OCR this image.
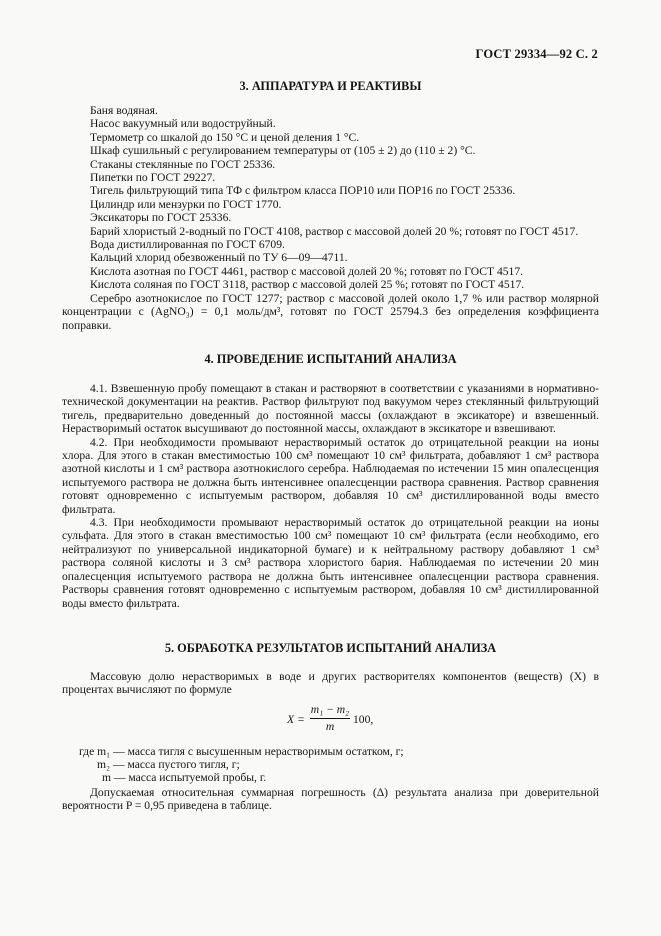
ГОСТ 29334—92 С. 2
3. АППАРАТУРА И РЕАКТИВЫ

Баня водяная.

Насос вакуумный или водоструйный.

Термометр со шкалой до 150 °С и ценой деления 1 °С.

Шкаф сушильный с регулированием температуры от (105 ± 2) до (110 ± 2) °С.

Стаканы стеклянные по ГОСТ 25336.

Пипетки по ГОСТ 29227.

Тигель фильтрующий типа ТФ с фильтром класса ПОР10 или ПОР16 по ГОСТ 25336.

Цилиндр или мензурки по ГОСТ 1770.

Эксикаторы по ГОСТ 25336.

Барий хлористый 2-водный по ГОСТ 4108, раствор с массовой долей 20 %; готовят по ГОСТ 4517.

Вода дистиллированная по ГОСТ 6709.

Кальций хлорид обезвоженный по ТУ 6—09—4711.

Кислота азотная по ГОСТ 4461, раствор с массовой долей 20 %; готовят по ГОСТ 4517.

Кислота соляная по ГОСТ 3118, раствор с массовой долей 25 %; готовят по ГОСТ 4517.

Серебро азотнокислое по ГОСТ 1277; раствор с массовой долей около 1,7 % или раствор молярной концентрации c (AgNO₃) = 0,1 моль/дм³, готовят по ГОСТ 25794.3 без определения коэффициента поправки.

4. ПРОВЕДЕНИЕ ИСПЫТАНИЙ АНАЛИЗА

4.1. Взвешенную пробу помещают в стакан и растворяют в соответствии с указаниями в нормативно-технической документации на реактив. Раствор фильтруют под вакуумом через стеклянный фильтрующий тигель, предварительно доведенный до постоянной массы (охлаждают в эксикаторе) и взвешенный. Нерастворимый остаток высушивают до постоянной массы, охлаждают в эксикаторе и взвешивают.

4.2. При необходимости промывают нерастворимый остаток до отрицательной реакции на ионы хлора. Для этого в стакан вместимостью 100 см³ помещают 10 см³ фильтрата, добавляют 1 см³ раствора азотной кислоты и 1 см³ раствора азотнокислого серебра. Наблюдаемая по истечении 15 мин опалесценция испытуемого раствора не должна быть интенсивнее опалесценции раствора сравнения. Раствор сравнения готовят одновременно с испытуемым раствором, добавляя 10 см³ дистиллированной воды вместо фильтрата.

4.3. При необходимости промывают нерастворимый остаток до отрицательной реакции на ионы сульфата. Для этого в стакан вместимостью 100 см³ помещают 10 см³ фильтрата (если необходимо, его нейтрализуют по универсальной индикаторной бумаге) и к нейтральному раствору добавляют 1 см³ раствора соляной кислоты и 3 см³ раствора хлористого бария. Наблюдаемая по истечении 20 мин опалесценция испытуемого раствора не должна быть интенсивнее опалесценции раствора сравнения. Растворы сравнения готовят одновременно с испытуемым раствором, добавляя 10 см³ дистиллированной воды вместо фильтрата.

5. ОБРАБОТКА РЕЗУЛЬТАТОВ ИСПЫТАНИЙ АНАЛИЗА

Массовую долю нерастворимых в воде и других растворителях компонентов (веществ) (X) в процентах вычисляют по формуле

X =
m₁ − m₂
m
100,
где m₁ — масса тигля с высушенным нерастворимым остатком, г;
m₂ — масса пустого тигля, г;
m — масса испытуемой пробы, г.

Допускаемая относительная суммарная погрешность (Δ) результата анализа при доверительной вероятности P = 0,95 приведена в таблице.
